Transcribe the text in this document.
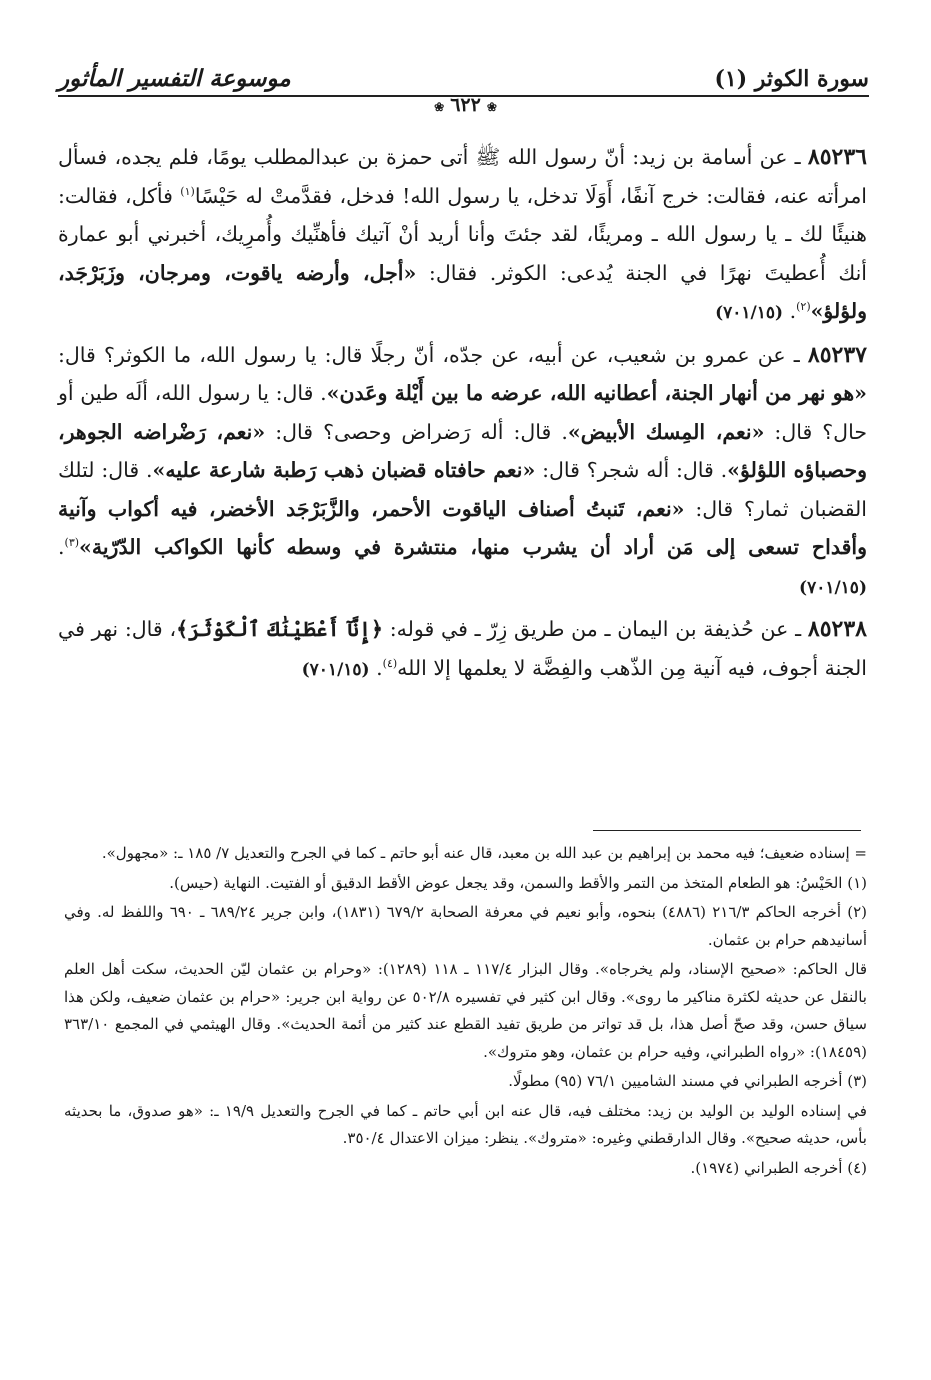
سورة الكوثر (١)
موسوعة التفسير المأثور
❀٦٢٢❀

٨٥٢٣٦ ـ عن أسامة بن زيد: أنّ رسول الله ﷺ أتى حمزة بن عبدالمطلب يومًا، فلم يجده، فسأل امرأته عنه، فقالت: خرج آنفًا، أَوَلَا تدخل، يا رسول الله! فدخل، فقدَّمتْ له حَيْسًا$^{(١)}$ فأكل، فقالت: هنيئًا لك ـ يا رسول الله ـ ومريئًا، لقد جئتَ وأنا أريد أنْ آتيك فأهنِّيك وأُمرِيك، أخبرني أبو عمارة أنك أُعطيتَ نهرًا في الجنة يُدعى: الكوثر. فقال: «أجل، وأرضه ياقوت، ومرجان، وزَبَرْجَد، ولؤلؤ»$^{(٢)}$. (٧٠١/١٥)

٨٥٢٣٧ ـ عن عمرو بن شعيب، عن أبيه، عن جدّه، أنّ رجلًا قال: يا رسول الله، ما الكوثر؟ قال: «هو نهر من أنهار الجنة، أعطانيه الله، عرضه ما بين أَيْلة وعَدن». قال: يا رسول الله، ألَه طين أو حال؟ قال: «نعم، المِسك الأبيض». قال: أله رَضراض وحصى؟ قال: «نعم، رَضْراضه الجوهر، وحصباؤه اللؤلؤ». قال: أله شجر؟ قال: «نعم حافتاه قضبان ذهب رَطبة شارعة عليه». قال: لتلك القضبان ثمار؟ قال: «نعم، تَنبتُ أصناف الياقوت الأحمر، والزَّبَرْجَد الأخضر، فيه أكواب وآنية وأقداح تسعى إلى مَن أراد أن يشرب منها، منتشرة في وسطه كأنها الكواكب الدّرّية»$^{(٣)}$. (٧٠١/١٥)

٨٥٢٣٨ ـ عن حُذيفة بن اليمان ـ من طريق زِرّ ـ في قوله: ﴿إِنَّآ أَعْطَيْنَٰكَ ٱلْكَوْثَرَ﴾، قال: نهر في الجنة أجوف، فيه آنية مِن الذّهب والفِضَّة لا يعلمها إلا الله$^{(٤)}$. (٧٠١/١٥)

= إسناده ضعيف؛ فيه محمد بن إبراهيم بن عبد الله بن معبد، قال عنه أبو حاتم ـ كما في الجرح والتعديل ٧/ ١٨٥ ـ: «مجهول».

(١) الحَيْسُ: هو الطعام المتخذ من التمر والأقط والسمن، وقد يجعل عوض الأقط الدقيق أو الفتيت. النهاية (حيس).

(٢) أخرجه الحاكم ٢١٦/٣ (٤٨٨٦) بنحوه، وأبو نعيم في معرفة الصحابة ٦٧٩/٢ (١٨٣١)، وابن جرير ٦٨٩/٢٤ ـ ٦٩٠ واللفظ له. وفي أسانيدهم حرام بن عثمان.

قال الحاكم: «صحيح الإسناد، ولم يخرجاه». وقال البزار ١١٧/٤ ـ ١١٨ (١٢٨٩): «وحرام بن عثمان ليّن الحديث، سكت أهل العلم بالنقل عن حديثه لكثرة مناكير ما روى». وقال ابن كثير في تفسيره ٥٠٢/٨ عن رواية ابن جرير: «حرام بن عثمان ضعيف، ولكن هذا سياق حسن، وقد صحّ أصل هذا، بل قد تواتر من طريق تفيد القطع عند كثير من أئمة الحديث». وقال الهيثمي في المجمع ٣٦٣/١٠ (١٨٤٥٩): «رواه الطبراني، وفيه حرام بن عثمان، وهو متروك».

(٣) أخرجه الطبراني في مسند الشاميين ٧٦/١ (٩٥) مطولًا.

في إسناده الوليد بن الوليد بن زيد: مختلف فيه، قال عنه ابن أبي حاتم ـ كما في الجرح والتعديل ١٩/٩ ـ: «هو صدوق، ما بحديثه بأس، حديثه صحيح». وقال الدارقطني وغيره: «متروك». ينظر: ميزان الاعتدال ٣٥٠/٤.

(٤) أخرجه الطبراني (١٩٧٤).
